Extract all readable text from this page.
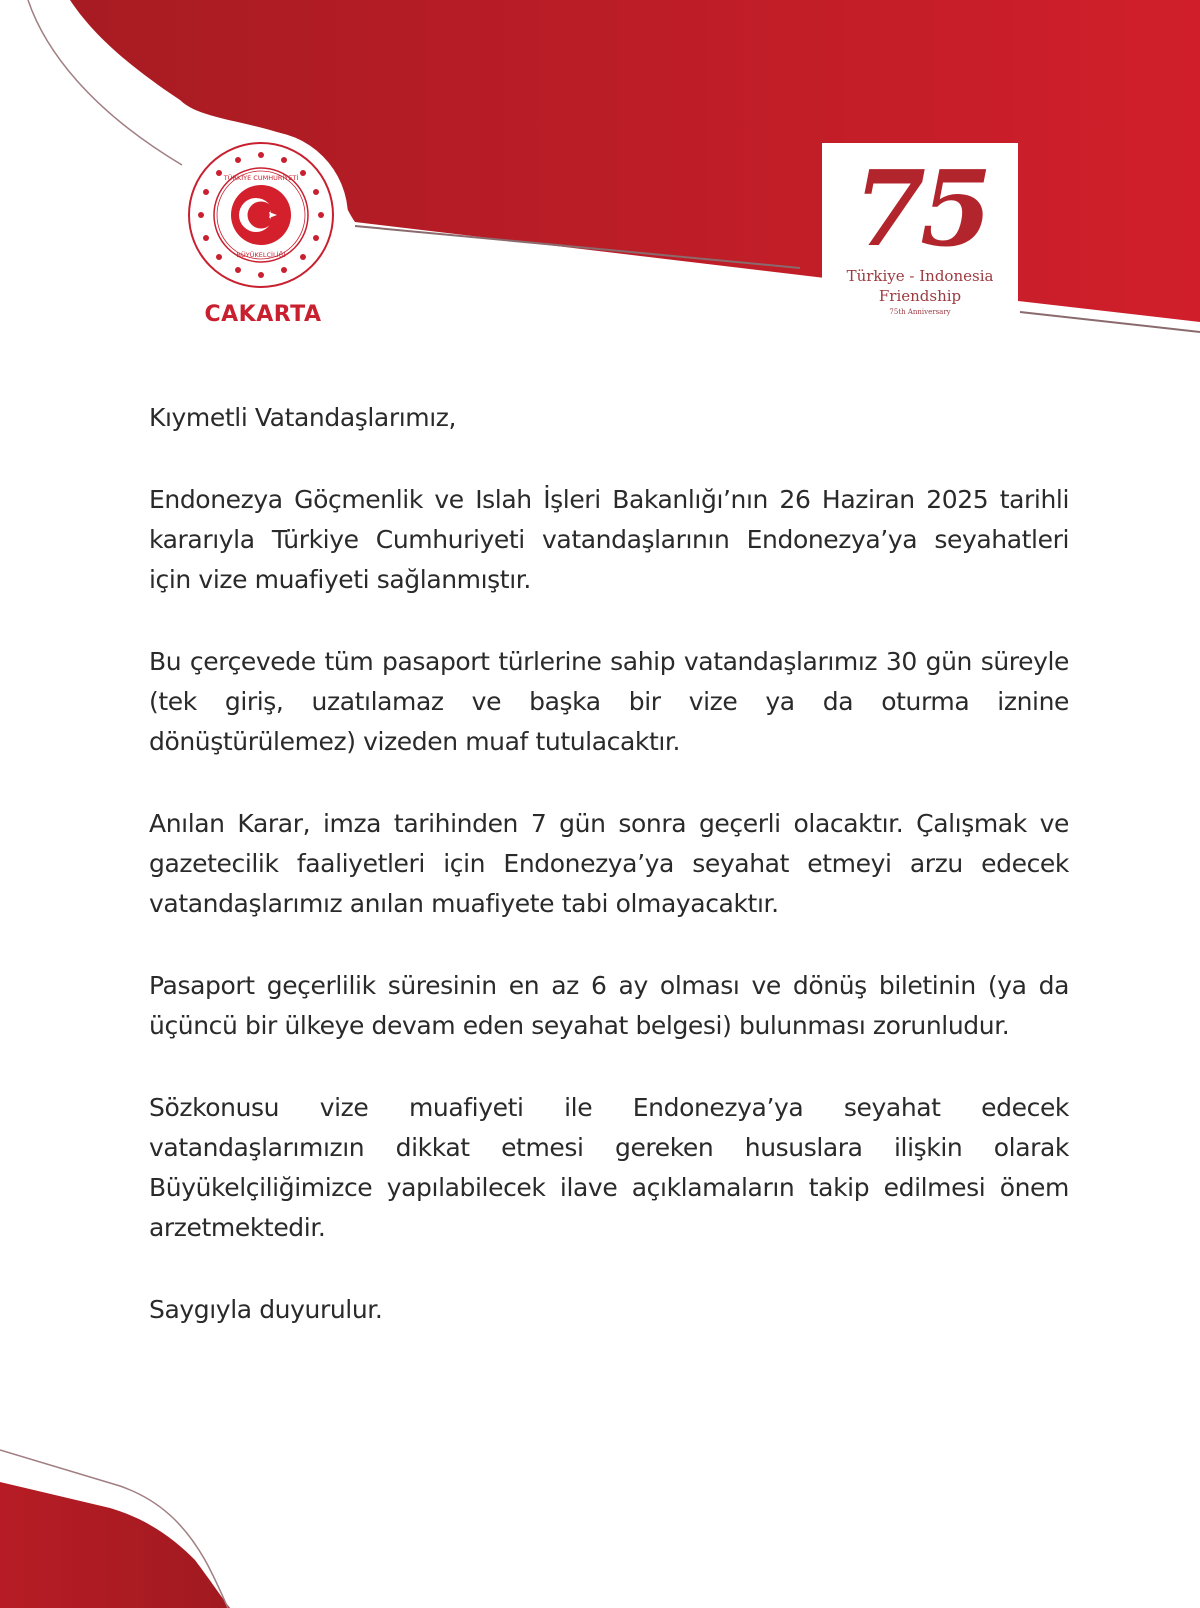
TÜRKİYE CUMHURİYETİ
BÜYÜKELÇİLİĞİ
CAKARTA
75
Türkiye - Indonesia
Friendship
75th Anniversary

Kıymetli Vatandaşlarımız,

Endonezya Göçmenlik ve Islah İşleri Bakanlığı’nın 26 Haziran 2025 tarihli kararıyla Türkiye Cumhuriyeti vatandaşlarının Endonezya’ya seyahatleri için vize muafiyeti sağlanmıştır.

Bu çerçevede tüm pasaport türlerine sahip vatandaşlarımız 30 gün süreyle (tek giriş, uzatılamaz ve başka bir vize ya da oturma iznine dönüştürülemez) vizeden muaf tutulacaktır.

Anılan Karar, imza tarihinden 7 gün sonra geçerli olacaktır. Çalışmak ve gazetecilik faaliyetleri için Endonezya’ya seyahat etmeyi arzu edecek vatandaşlarımız anılan muafiyete tabi olmayacaktır.

Pasaport geçerlilik süresinin en az 6 ay olması ve dönüş biletinin (ya da üçüncü bir ülkeye devam eden seyahat belgesi) bulunması zorunludur.

Sözkonusu vize muafiyeti ile Endonezya’ya seyahat edecek vatandaşlarımızın dikkat etmesi gereken hususlara ilişkin olarak Büyükelçiliğimizce yapılabilecek ilave açıklamaların takip edilmesi önem arzetmektedir.

Saygıyla duyurulur.
